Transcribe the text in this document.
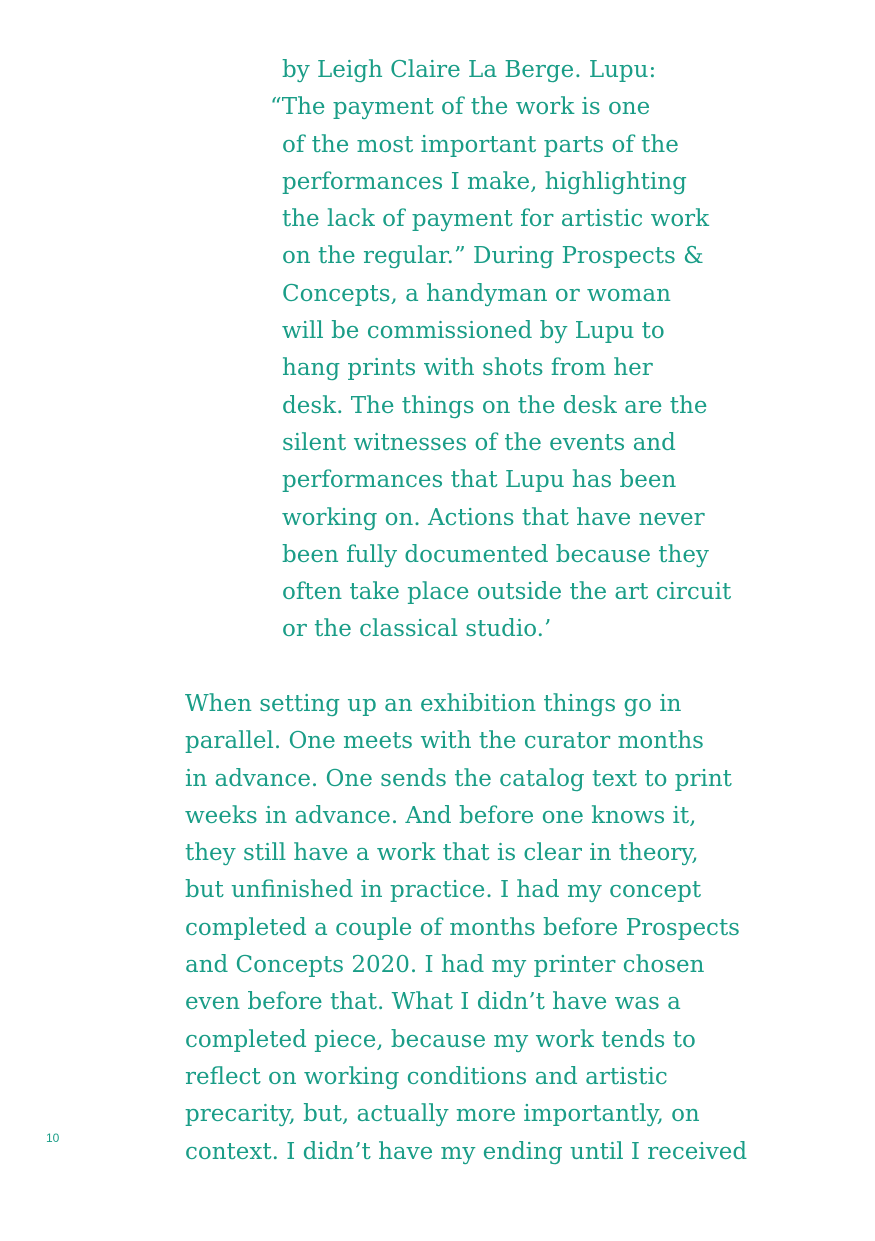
by Leigh Claire La Berge. Lupu:
“The payment of the work is one
of the most important parts of the
performances I make, highlighting
the lack of payment for artistic work
on the regular.” During Prospects &
Concepts, a handyman or woman
will be commissioned by Lupu to
hang prints with shots from her
desk. The things on the desk are the
silent witnesses of the events and
performances that Lupu has been
working on. Actions that have never
been fully documented because they
often take place outside the art circuit
or the classical studio.’
When setting up an exhibition things go in
parallel. One meets with the curator months
in advance. One sends the catalog text to print
weeks in advance. And before one knows it,
they still have a work that is clear in theory,
but unfinished in practice. I had my concept
completed a couple of months before Prospects
and Concepts 2020. I had my printer chosen
even before that. What I didn’t have was a
completed piece, because my work tends to
reflect on working conditions and artistic
precarity, but, actually more importantly, on
context. I didn’t have my ending until I received
10
